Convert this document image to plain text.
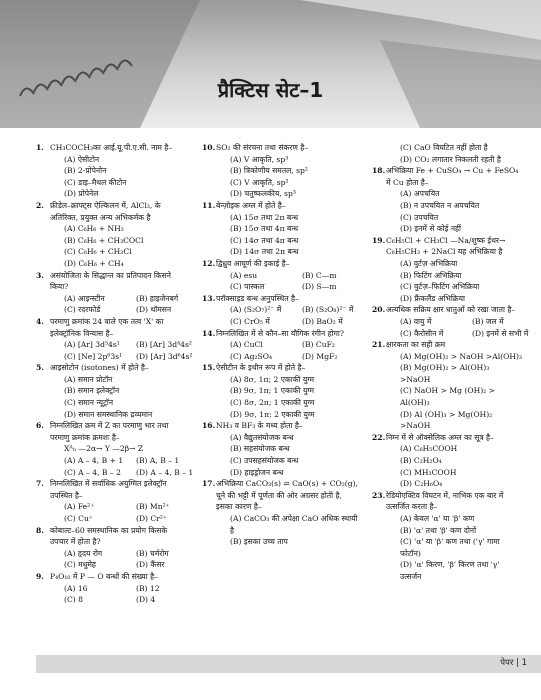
प्रैक्टिस सेट–1
1. CH₃COCH₃का आई.यू.पी.ए.सी. नाम है–
(A) ऐसीटोन
(B) 2-प्रोपेनोन
(C) डाइ–मैथल कीटोन
(D) प्रोपेनेल
2. फ्रीडेल–क्राफ्ट्स ऐल्किलन में, AlCl₃, के अतिरिक्त, प्रयुक्त अन्य अभिकर्मक है
(A) C₆H₆ + NH₃
(B) C₆H₆ + CH₃COCl
(C) C₆H₆ + CH₃Cl
(D) C₆H₆ + CH₄
3. असंयोजिता के सिद्धान्त का प्रतिपादन किसने किया?
(A) आइन्स्टीन	(B) हाइजेनबर्ग
(C) रदरफोर्ड	(D) थॉमसन
4. परमाणु क्रमांक 24 वाले एक तत्व 'X' का इलेक्ट्रॉनिक विन्यास है–
(A) [Ar] 3d⁵4s¹	(B) [Ar] 3d⁴4s²
(C) [Ne] 2p⁶3s¹	(D) [Ar] 3d⁶4s²
5. आइसोटोन (isotones) में होते है–
(A) समान प्रोटॉन
(B) समान इलेक्ट्रॉन
(C) समान न्यूट्रॉन
(D) समान समस्थानिक द्रव्यमान
6. निम्नलिखित क्रम में Z का परमाणु भार तथा परमाणु क्रमांक क्रमशः है–
Xᴬₙ —2α→ Y —2β→ Z
(A) A – 4, B + 1	(B) A, B – 1
(C) A – 4, B – 2	(D) A – 4, B – 1
7. निम्नलिखित में सर्वाधिक अयुग्मित इलेक्ट्रॉन उपस्थित है–
(A) Fe²⁺	(B) Mn²⁺
(C) Cu⁺	(D) Cr²⁺
8. कोबाल्ट–60 समस्थानिक का प्रयोग किसके उपचार में होता है?
(A) हृदय रोग	(B) चर्मरोग
(C) मधुमेह	(D) कैंसर
9. P₄O₁₀ में P — O बन्धों की संख्या है–
(A) 16	(B) 12
(C) 8	(D) 4
10. SO₂ की संरचना तथा संकरण है–
(A) V आकृति, sp³
(B) त्रिकोणीय समतल, sp²
(C) V आकृति, sp²
(D) चतुष्फलकीय, sp³
11. बेन्ज़ोइक अम्ल में होते है–
(A) 15σ तथा 2π बन्ध
(B) 15σ तथा 4π बन्ध
(C) 14σ तथा 4π बन्ध
(D) 14σ तथा 2π बन्ध
12. द्विध्रुव आघूर्ण की इकाई है–
(A) esu	(B) C—m
(C) पास्कल	(D) S—m
13. परॉक्साइड बन्ध अनुपस्थित है–
(A) (S₂O₇)²⁻ में	(B) (S₂O₈)²⁻ में
(C) CrO₅ में	(D) BaO₂ में
14. निम्नलिखित में से कौन–सा यौगिक रंगीन होगा?
(A) CuCl	(B) CuF₂
(C) Ag₂SO₄	(D) MgF₂
15. ऐसीटीन के इथीन रूप में होते है–
(A) 8σ, 1π; 2 एकाकी युग्म
(B) 9σ, 1π; 1 एकाकी युग्म
(C) 8σ, 2π; 1 एकाकी युग्म
(D) 9σ, 1π; 2 एकाकी युग्म
16. NH₃ व BF₃ के मध्य होता है–
(A) वैद्युतसंयोजक बन्ध
(B) सहसंयोजक बन्ध
(C) उपसहसंयोजक बन्ध
(D) हाइड्रोजन बन्ध
17. अभिक्रिया CaCO₃(s) ⇌ CaO(s) + CO₂(g), चूने की भट्टी में पूर्णता की ओर अग्रसर होती है, इसका कारण है–
(A) CaCO₃ की अपेक्षा CaO अधिक स्थायी है
(B) इसका उच्च ताप
(C) CaO विघटित नहीं होता है
(D) CO₂ लगातार निकलती रहती है
18. अभिक्रिया Fe + CuSO₄ → Cu + FeSO₄ में Cu होता है–
(A) अपचयित
(B) न उपचयित न अपचयित
(C) उपचयित
(D) इनमें से कोई नहीं
19. C₆H₅Cl + CH₃Cl —Na/शुष्क ईथर→ C₆H₅CH₃ + 2NaCl यह अभिक्रिया है
(A) वुर्टज़ अभिक्रिया
(B) फिटिंग अभिक्रिया
(C) वुर्टज़–फिटिंग अभिक्रिया
(D) फ्रैंकलैंड अभिक्रिया
20. अत्यधिक सक्रिय क्षार धातुओं को रखा जाता है–
(A) वायु में	(B) जल में
(C) कैरोसीन में	(D) इनमें से सभी में
21. क्षारकता का सही क्रम
(A) Mg(OH)₂ > NaOH >Al(OH)₃
(B) Mg(OH)₂ > Al(OH)₃ >NaOH
(C) NaOH > Mg (OH)₂ > Al(OH)₃
(D) Al (OH)₃ > Mg(OH)₂ >NaOH
22. निम्न में से ऑक्सेलिक अम्ल का सूत्र है–
(A) C₆H₅COOH
(B) C₂H₂O₄
(C) MH₃COOH
(D) C₂H₆O₄
23. रेडियोएक्टिव विघटन में, नाभिक एक बार में उत्सर्जित करता है–
(A) केवल 'α' या 'β' कण
(B) 'α' तथा 'β' कण दोनों
(C) 'α' या 'β' कण तथा ('γ' गामा फोटॉन)
(D) 'α' किरण, 'β' किरण तथा 'γ' उत्सर्जन
पेपर | 1
